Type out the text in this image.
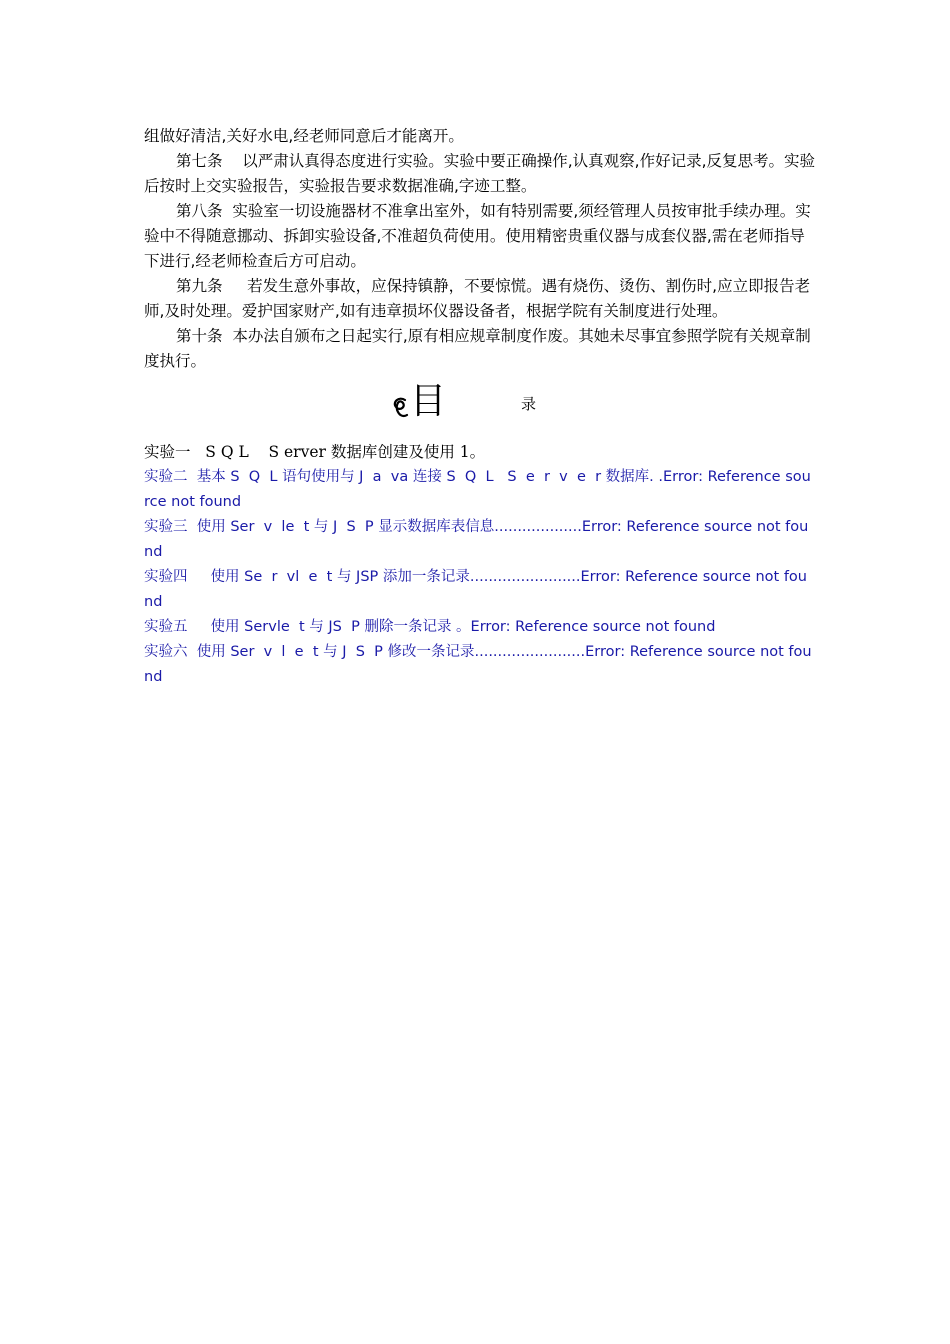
组做好清洁,关好水电,经老师同意后才能离开。

第七条    以严肃认真得态度进行实验。实验中要正确操作,认真观察,作好记录,反复思考。实验后按时上交实验报告，实验报告要求数据准确,字迹工整。

第八条  实验室一切设施器材不准拿出室外，如有特别需要,须经管理人员按审批手续办理。实验中不得随意挪动、拆卸实验设备,不准超负荷使用。使用精密贵重仪器与成套仪器,需在老师指导下进行,经老师检查后方可启动。

第九条     若发生意外事故，应保持镇静，不要惊慌。遇有烧伤、烫伤、割伤时,应立即报告老师,及时处理。爱护国家财产,如有违章损坏仪器设备者，根据学院有关制度进行处理。

第十条  本办法自颁布之日起实行,原有相应规章制度作废。其她未尽事宜参照学院有关规章制度执行。

目	录
实验一   S Q L    S erver 数据库创建及使用 1。

实验二  基本 S  Q  L 语句使用与 J  a  va 连接 S  Q  L   S  e  r  v  e  r 数据库. .Error: Reference source not found

实验三  使用 Ser  v  le  t 与 J  S  P 显示数据库表信息...................Error: Reference source not found

实验四     使用 Se  r  vl  e  t 与 JSP 添加一条记录........................Error: Reference source not found

实验五     使用 Servle  t 与 JS  P 删除一条记录 。Error: Reference source not found

实验六  使用 Ser  v  l  e  t 与 J  S  P 修改一条记录........................Error: Reference source not found
